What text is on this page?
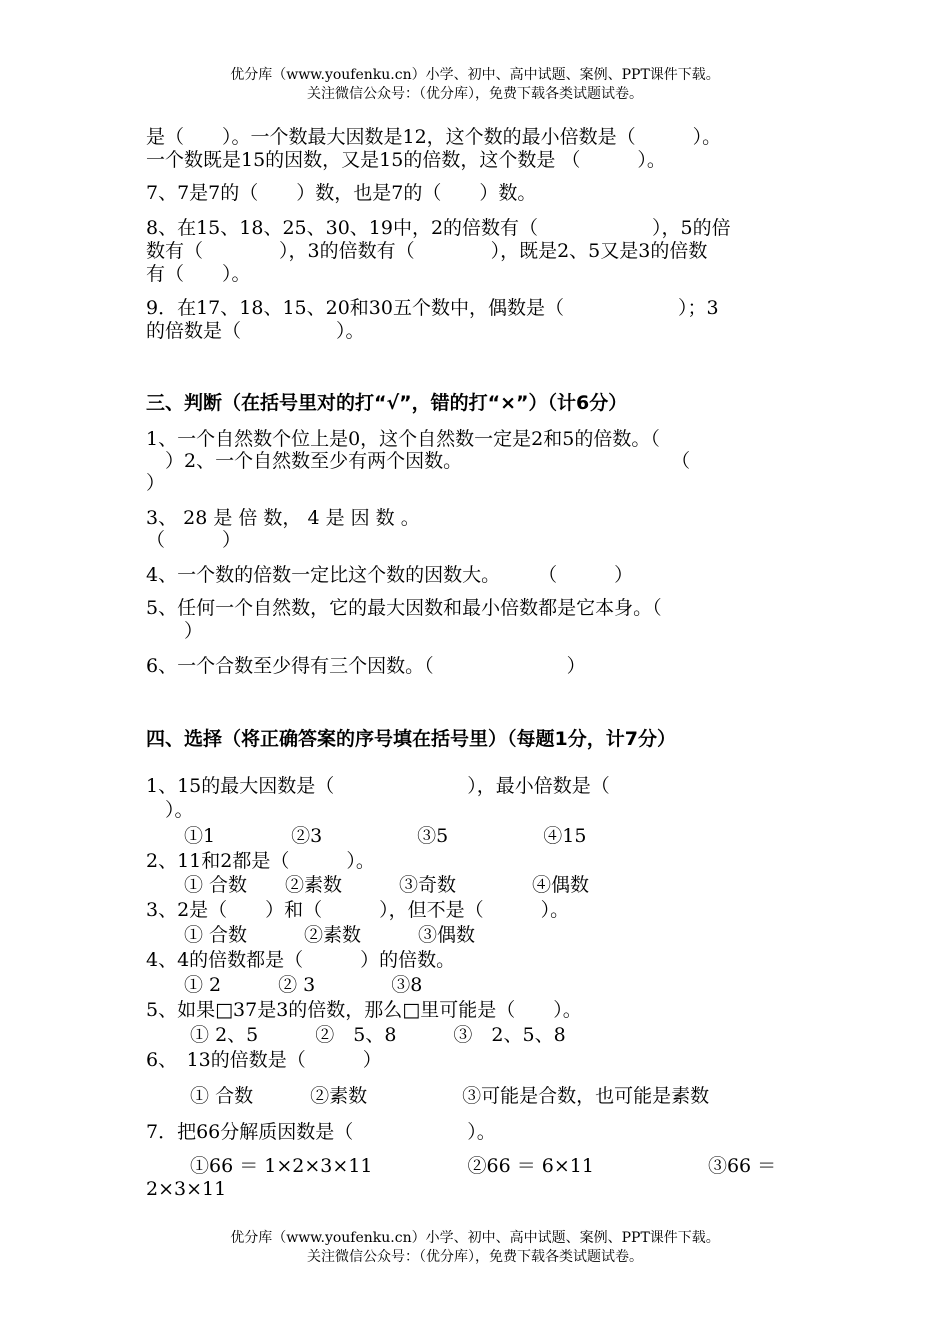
优分库（www.youfenku.cn）小学、初中、高中试题、案例、PPT课件下载。
关注微信公众号：（优分库），免费下载各类试题试卷。
是（　　）。一个数最大因数是12，这个数的最小倍数是（　　　）。
一个数既是15的因数，又是15的倍数，这个数是 （　　　）。
7、7是7的（　　）数，也是7的（　　）数。
8、在15、18、25、30、19中，2的倍数有（　　　　　　），5的倍
数有（　　　　），3的倍数有（　　　　），既是2、5又是3的倍数
有（　　）。
9．在17、18、15、20和30五个数中，偶数是（　　　　　　）；3
的倍数是（　　　　　）。
三、判断（在括号里对的打“√”，错的打“×”）（计6分）
1、一个自然数个位上是0，这个自然数一定是2和5的倍数。（
　）2、一个自然数至少有两个因数。　　　　　　　　　　　　（
）
3、 28 是 倍 数， 4 是 因 数 。
（　　　）
4、一个数的倍数一定比这个数的因数大。　　　（　　　）
5、任何一个自然数，它的最大因数和最小倍数都是它本身。（
　　）
6、一个合数至少得有三个因数。（　　　　　　　）
四、选择（将正确答案的序号填在括号里）（每题1分，计7分）
1、15的最大因数是（　　　　　　　），最小倍数是（
　）。
　　①1　　　　②3　　　　　③5　　　　　④15
2、11和2都是（　　　）。
　　① 合数　　②素数　　　③奇数　　　　④偶数
3、2是（　　）和（　　　），但不是（　　　）。
　　① 合数　　　②素数　　　③偶数
4、4的倍数都是（　　　）的倍数。
　　① 2　　　② 3　　　　③8
5、如果□37是3的倍数，那么□里可能是（　　）。
　　 ① 2、5　　　②　5、8　　　③　2、5、8
6、　13的倍数是（　　　）
　　 ① 合数　　　②素数　　　　　③可能是合数，也可能是素数
7．把66分解质因数是（　　　　　　）。
　　 ①66 ＝ 1×2×3×11　　　　　②66 ＝ 6×11　　　　　　③66 ＝
2×3×11
优分库（www.youfenku.cn）小学、初中、高中试题、案例、PPT课件下载。
关注微信公众号：（优分库），免费下载各类试题试卷。
